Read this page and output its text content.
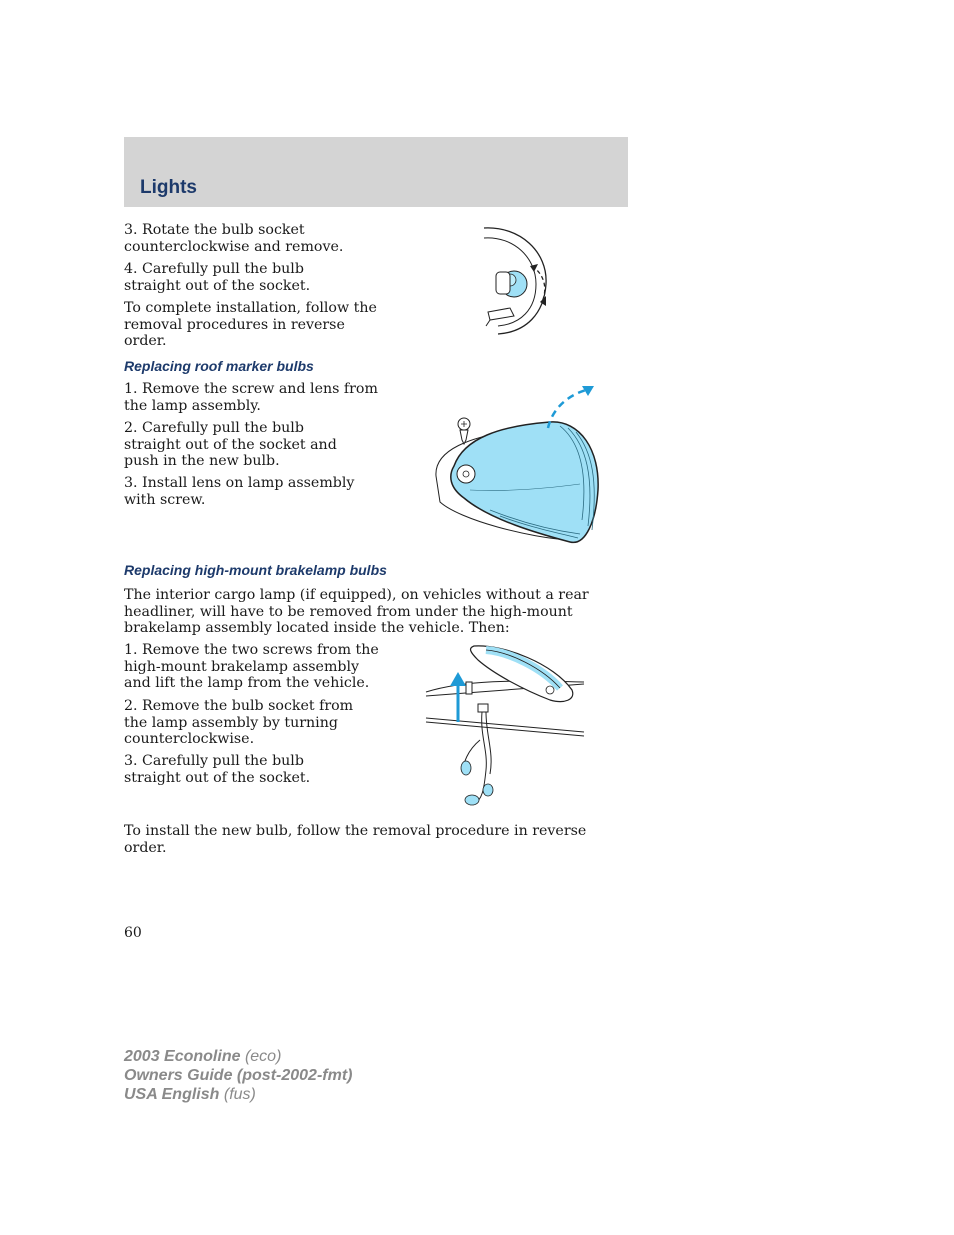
Lights

3. Rotate the bulb socket counterclockwise and remove.

4. Carefully pull the bulb straight out of the socket.

To complete installation, follow the removal procedures in reverse order.

Replacing roof marker bulbs

1. Remove the screw and lens from the lamp assembly.

2. Carefully pull the bulb straight out of the socket and push in the new bulb.

3. Install lens on lamp assembly with screw.

Replacing high-mount brakelamp bulbs

The interior cargo lamp (if equipped), on vehicles without a rear headliner, will have to be removed from under the high-mount brakelamp assembly located inside the vehicle. Then:

1. Remove the two screws from the high-mount brakelamp assembly and lift the lamp from the vehicle.

2. Remove the bulb socket from the lamp assembly by turning counterclockwise.

3. Carefully pull the bulb straight out of the socket.

To install the new bulb, follow the removal procedure in reverse order.

60
2003 Econoline (eco)
Owners Guide (post-2002-fmt)
USA English (fus)
